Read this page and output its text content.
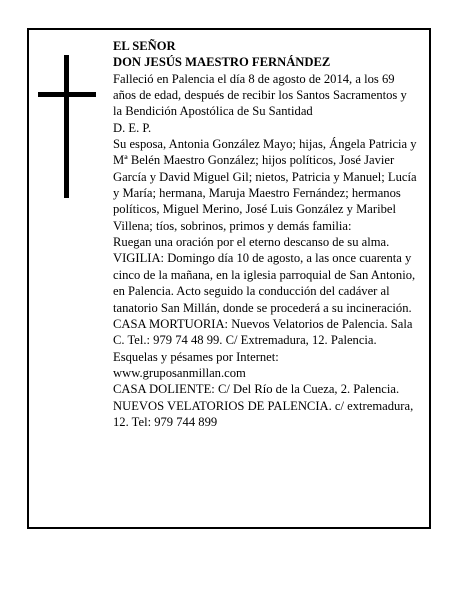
EL SEÑOR

DON JESÚS MAESTRO FERNÁNDEZ

Falleció en Palencia el día 8 de agosto de 2014, a los 69 años de edad, después de recibir los Santos Sacramentos y la Bendición Apostólica de Su Santidad

D. E. P.

Su esposa, Antonia González Mayo; hijas, Ángela Patricia y Mª Belén Maestro González; hijos políticos, José Javier García y David Miguel Gil; nietos, Patricia y Manuel; Lucía y María; hermana, Maruja Maestro Fernández; hermanos políticos, Miguel Merino, José Luis González y Maribel Villena; tíos, sobrinos, primos y demás familia:

Ruegan una oración por el eterno descanso de su alma.

VIGILIA: Domingo día 10 de agosto, a las once cuarenta y cinco de la mañana, en la iglesia parroquial de San Antonio, en Palencia. Acto seguido la conducción del cadáver al tanatorio San Millán, donde se procederá a su incineración.

CASA MORTUORIA: Nuevos Velatorios de Palencia. Sala C. Tel.: 979 74 48 99. C/ Extremadura, 12. Palencia.

Esquelas y pésames por Internet:

www.gruposanmillan.com

CASA DOLIENTE: C/ Del Río de la Cueza, 2. Palencia.

NUEVOS VELATORIOS DE PALENCIA. c/ extremadura, 12. Tel: 979 744 899
